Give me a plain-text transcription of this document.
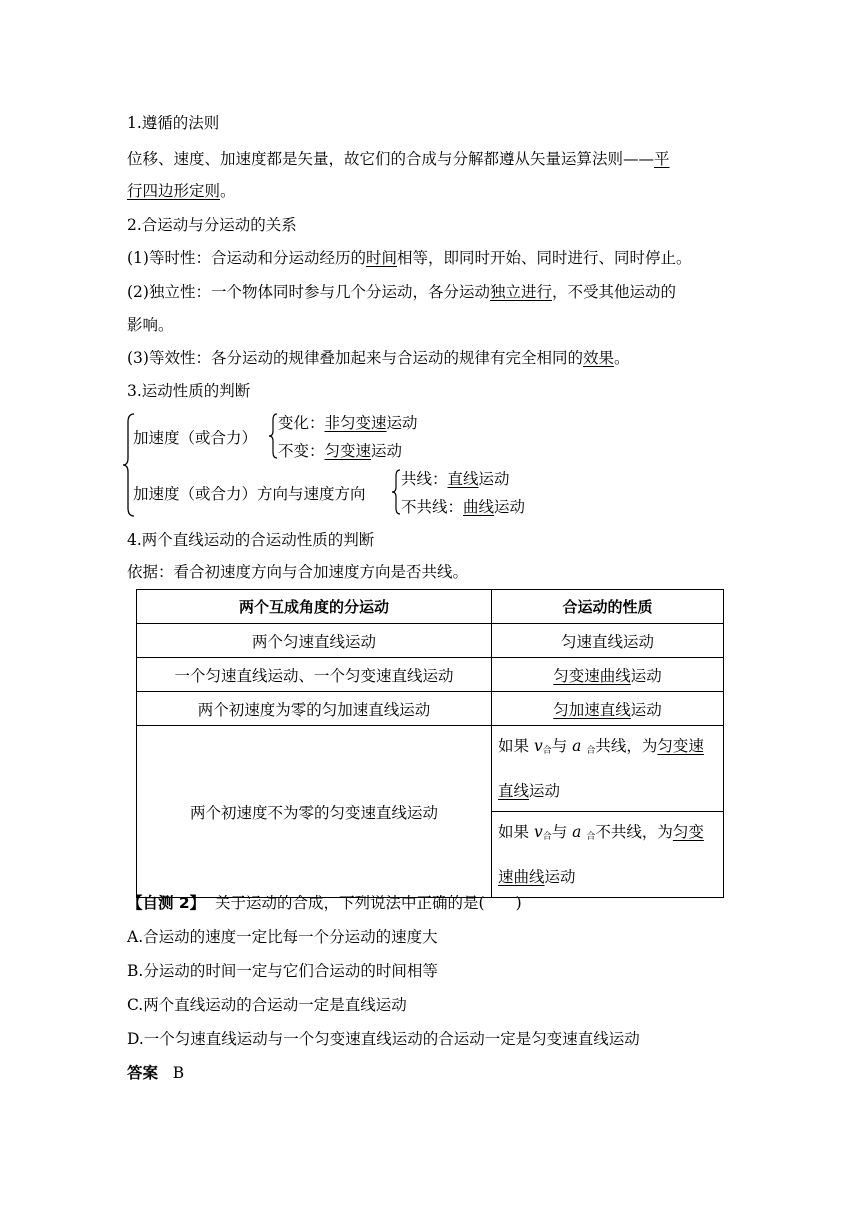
1.遵循的法则
位移、速度、加速度都是矢量，故它们的合成与分解都遵从矢量运算法则——平
行四边形定则。
2.合运动与分运动的关系
(1)等时性：合运动和分运动经历的时间相等，即同时开始、同时进行、同时停止。
(2)独立性：一个物体同时参与几个分运动，各分运动独立进行，不受其他运动的
影响。
(3)等效性：各分运动的规律叠加起来与合运动的规律有完全相同的效果。
3.运动性质的判断
加速度（或合力）
变化：非匀变速运动
不变：匀变速运动
加速度（或合力）方向与速度方向
共线：直线运动
不共线：曲线运动
4.两个直线运动的合运动性质的判断
依据：看合初速度方向与合加速度方向是否共线。
两个互成角度的分运动	合运动的性质
两个匀速直线运动	匀速直线运动
一个匀速直线运动、一个匀变速直线运动	匀变速曲线运动
两个初速度为零的匀加速直线运动	匀加速直线运动
两个初速度不为零的匀变速直线运动	如果 $v_合$与 a $_合$共线，为匀变速
直线运动
	如果 $v_合$与 a $_合$不共线，为匀变
速曲线运动
【自测 2】 关于运动的合成，下列说法中正确的是(　　)
A.合运动的速度一定比每一个分运动的速度大
B.分运动的时间一定与它们合运动的时间相等
C.两个直线运动的合运动一定是直线运动
D.一个匀速直线运动与一个匀变速直线运动的合运动一定是匀变速直线运动
答案 B
